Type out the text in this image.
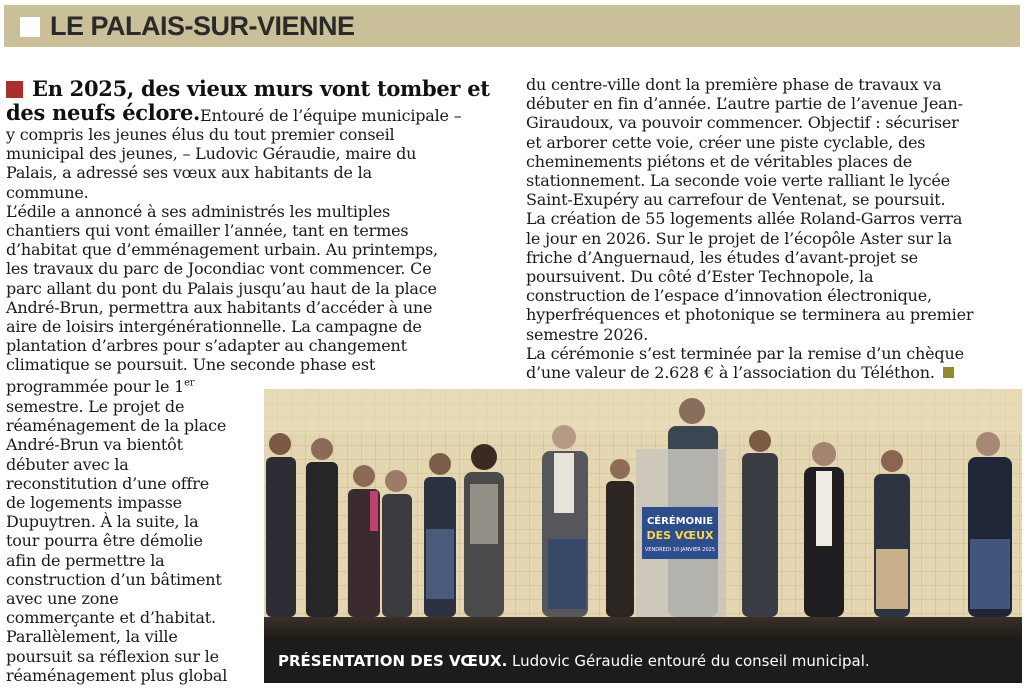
LE PALAIS-SUR-VIENNE
En 2025, des vieux murs vont tomber et
des neufs éclore. Entouré de l’équipe municipale –
y compris les jeunes élus du tout premier conseil
municipal des jeunes, – Ludovic Géraudie, maire du
Palais, a adressé ses vœux aux habitants de la
commune.
L’édile a annoncé à ses administrés les multiples
chantiers qui vont émailler l’année, tant en termes
d’habitat que d’emménagement urbain. Au printemps,
les travaux du parc de Jocondiac vont commencer. Ce
parc allant du pont du Palais jusqu’au haut de la place
André-Brun, permettra aux habitants d’accéder à une
aire de loisirs intergénérationnelle. La campagne de
plantation d’arbres pour s’adapter au changement
climatique se poursuit. Une seconde phase est
programmée pour le 1er
semestre. Le projet de
réaménagement de la place
André-Brun va bientôt
débuter avec la
reconstitution d’une offre
de logements impasse
Dupuytren. À la suite, la
tour pourra être démolie
afin de permettre la
construction d’un bâtiment
avec une zone
commerçante et d’habitat.
Parallèlement, la ville
poursuit sa réflexion sur le
réaménagement plus global
du centre-ville dont la première phase de travaux va
débuter en fin d’année. L’autre partie de l’avenue Jean-
Giraudoux, va pouvoir commencer. Objectif : sécuriser
et arborer cette voie, créer une piste cyclable, des
cheminements piétons et de véritables places de
stationnement. La seconde voie verte ralliant le lycée
Saint-Exupéry au carrefour de Ventenat, se poursuit.
La création de 55 logements allée Roland-Garros verra
le jour en 2026. Sur le projet de l’écopôle Aster sur la
friche d’Anguernaud, les études d’avant-projet se
poursuivent. Du côté d’Ester Technopole, la
construction de l’espace d’innovation électronique,
hyperfréquences et photonique se terminera au premier
semestre 2026.
La cérémonie s’est terminée par la remise d’un chèque
d’une valeur de 2.628 € à l’association du Téléthon.
CÉRÉMONIE
DES VŒUX
VENDREDI 10 JANVIER 2025
PRÉSENTATION DES VŒUX. Ludovic Géraudie entouré du conseil municipal.
